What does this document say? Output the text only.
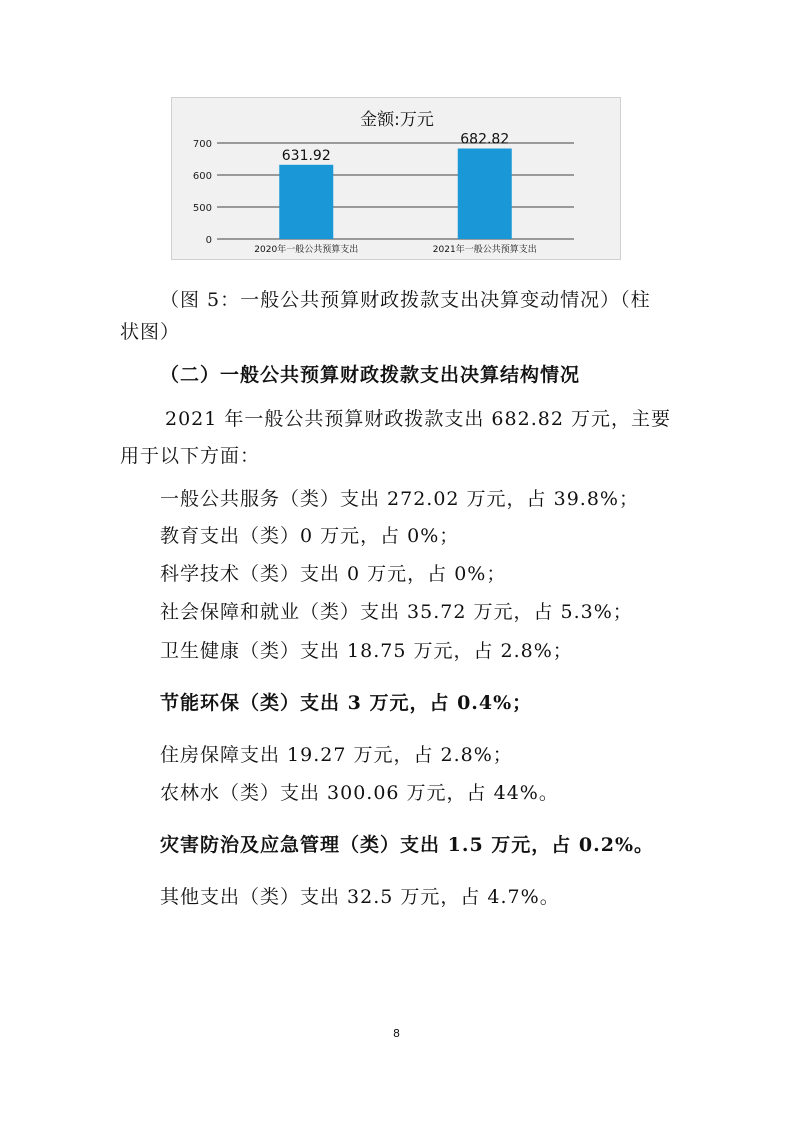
金额:万元
0
500
600
700
631.92
2020年一般公共预算支出
682.82
2021年一般公共预算支出
（图 5：一般公共预算财政拨款支出决算变动情况）（柱
状图）
（二）一般公共预算财政拨款支出决算结构情况
2021 年一般公共预算财政拨款支出 682.82 万元，主要
用于以下方面：
一般公共服务（类）支出 272.02 万元，占 39.8%；
教育支出（类）0 万元，占 0%；
科学技术（类）支出 0 万元，占 0%；
社会保障和就业（类）支出 35.72 万元，占 5.3%；
卫生健康（类）支出 18.75 万元，占 2.8%；
节能环保（类）支出 3 万元，占 0.4%；
住房保障支出 19.27 万元，占 2.8%；
农林水（类）支出 300.06 万元，占 44%。
灾害防治及应急管理（类）支出 1.5 万元，占 0.2%。
其他支出（类）支出 32.5 万元，占 4.7%。
8
